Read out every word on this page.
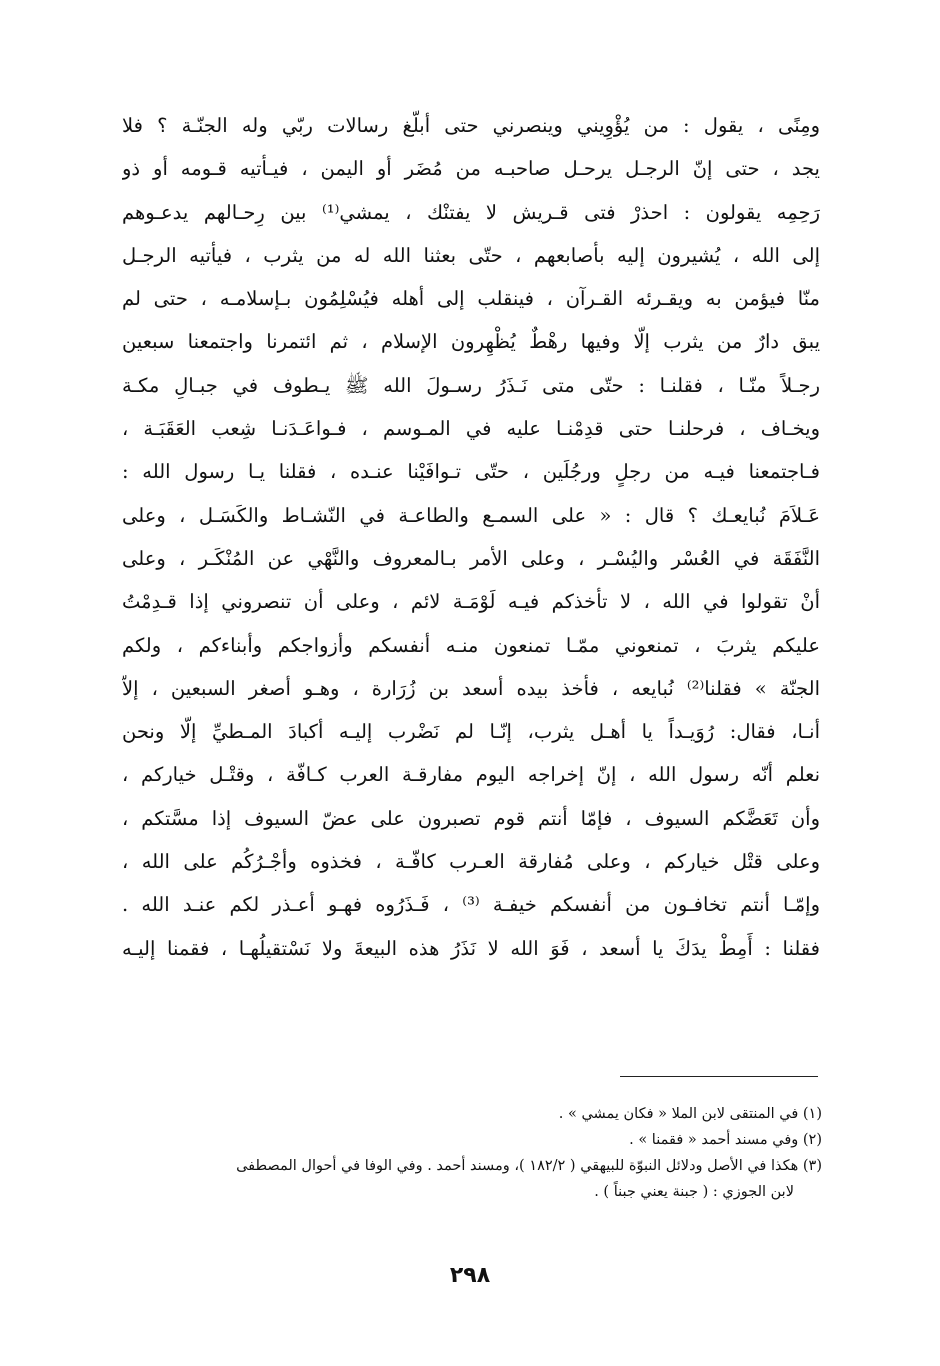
ومِنًى ، يقول : من يُؤْوِيني وينصرني حتى أبلّغ رسالات ربّي وله الجنّـة ؟ فلا
يجد ، حتى إنّ الرجـل يرحـل صاحبـه من مُضَر أو اليمن ، فيـأتيه قـومه أو ذو
رَحِمِه يقولون : احذرْ فتى قـريش لا يفتنْك ، يمشي⁽¹⁾ بين رِحـالهم يدعـوهم
إلى الله ، يُشيرون إليه بأصابعهم ، حتّى بعثنا الله له من يثرب ، فيأتيه الرجـل
منّا فيؤمن به ويقـرئه القـرآن ، فينقلب إلى أهله فيُسْلِمُون بـإسلامـه ، حتى لم
يبق دارٌ من يثرب إلّا وفيها رهْطٌ يُظْهِرون الإسلام ، ثم ائتمرنا واجتمعنا سبعين
رجـلاً منّـا ، فقلنـا : حتّى متى نَـذَرُ رسـولَ الله ﷺ يـطوف في جبـالِ مكـة
ويخـاف ، فرحلنـا حتى قدِمْنـا عليه في المـوسم ، فـواعَـدَنـا شِعب العَقَبَـة ،
فـاجتمعنا فيـه من رجلٍ ورجُلَين ، حتّى تـوافَيْنا عنـده ، فقلنا يـا رسول الله :
عَـلاَمَ نُبايعـك ؟ قال : « على السمـع والطاعـة في النّشـاط والكَسَـل ، وعلى
النَّفَقَة في العُسْر واليُسْـر ، وعلى الأمر بـالمعروف والنَّهْي عن المُنْكَـر ، وعلى
أنْ تقولوا في الله ، لا تأخذكم فيـه لَوْمَـة لائم ، وعلى أن تنصروني إذا قـدِمْتُ
عليكم يثربَ ، تمنعوني ممّـا تمنعون منـه أنفسكم وأزواجكم وأبناءكم ، ولكم
الجنّة » فقلنا⁽²⁾ نُبايعه ، فأخذ بيده أسعد بن زُرَارة ، وهـو أصغر السبعين ، إلاّ
أنـا، فقال: رُوَيـداً يا أهـل يثرب، إنّـا لم نَضْرب إليـه أكبادَ المـطيِّ إلّا ونحن
نعلم أنّه رسول الله ، إنّ إخراجه اليوم مفارقـة العرب كـافّة ، وقتْـل خياركم ،
وأن تَعَضَّكم السيوف ، فإمّا أنتم قوم تصبرون على عضّ السيوف إذا مسَّتكم ،
وعلى قتْل خياركم ، وعلى مُفارقة العـرب كافّـة ، فخذوه وأجْـرُكُم على الله ،
وإمّـا أنتم تخافـون من أنفسكم خيفـة ⁽³⁾ ، فَـذَرُوه فهـو أعـذر لكم عنـد الله .
فقلنا : أَمِطْ يدَكَ يا أسعد ، فَوَ الله لا نَذَرُ هذه البيعةَ ولا نَسْتقيلُهـا ، فقمنا إليـه
(١) في المنتقى لابن الملا « فكان يمشي » .
(٢) وفي مسند أحمد « فقمنا » .
(٣) هكذا في الأصل ودلائل النبوّة للبيهقي ( ١٨٢/٢ )، ومسند أحمد . وفي الوفا في أحوال المصطفى
لابن الجوزي : ( جبنة يعني جبناً ) .
٢٩٨
